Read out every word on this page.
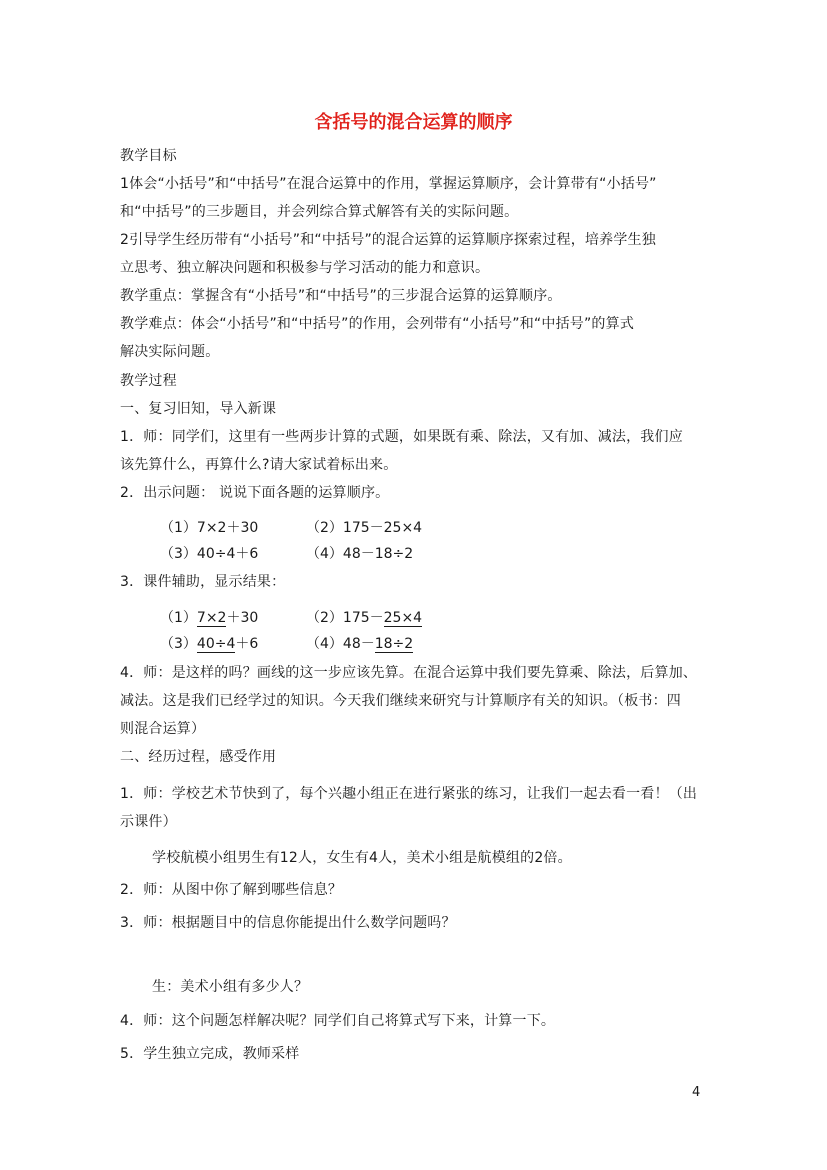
含括号的混合运算的顺序
教学目标
1体会“小括号”和“中括号”在混合运算中的作用，掌握运算顺序，会计算带有“小括号”
和“中括号”的三步题目，并会列综合算式解答有关的实际问题。
2引导学生经历带有“小括号”和“中括号”的混合运算的运算顺序探索过程，培养学生独
立思考、独立解决问题和积极参与学习活动的能力和意识。
教学重点：掌握含有“小括号”和“中括号”的三步混合运算的运算顺序。
教学难点：体会“小括号”和“中括号”的作用，会列带有“小括号”和“中括号”的算式
解决实际问题。
教学过程
一、复习旧知，导入新课
1．师：同学们，这里有一些两步计算的式题，如果既有乘、除法，又有加、减法，我们应
该先算什么，再算什么?请大家试着标出来。
2．出示问题： 说说下面各题的运算顺序。
（1）7×2＋30	（2）175－25×4
（3）40÷4＋6	（4）48－18÷2
3．课件辅助，显示结果：
（1）7×2＋30	（2）175－25×4
（3）40÷4＋6	（4）48－18÷2
4．师：是这样的吗？画线的这一步应该先算。在混合运算中我们要先算乘、除法，后算加、
减法。这是我们已经学过的知识。今天我们继续来研究与计算顺序有关的知识。（板书：四
则混合运算）
二、经历过程，感受作用
1．师：学校艺术节快到了，每个兴趣小组正在进行紧张的练习，让我们一起去看一看！（出
示课件）
学校航模小组男生有12人，女生有4人，美术小组是航模组的2倍。
2．师：从图中你了解到哪些信息？
3．师：根据题目中的信息你能提出什么数学问题吗？
生：美术小组有多少人？
4．师：这个问题怎样解决呢？同学们自己将算式写下来，计算一下。
5．学生独立完成，教师采样
4
